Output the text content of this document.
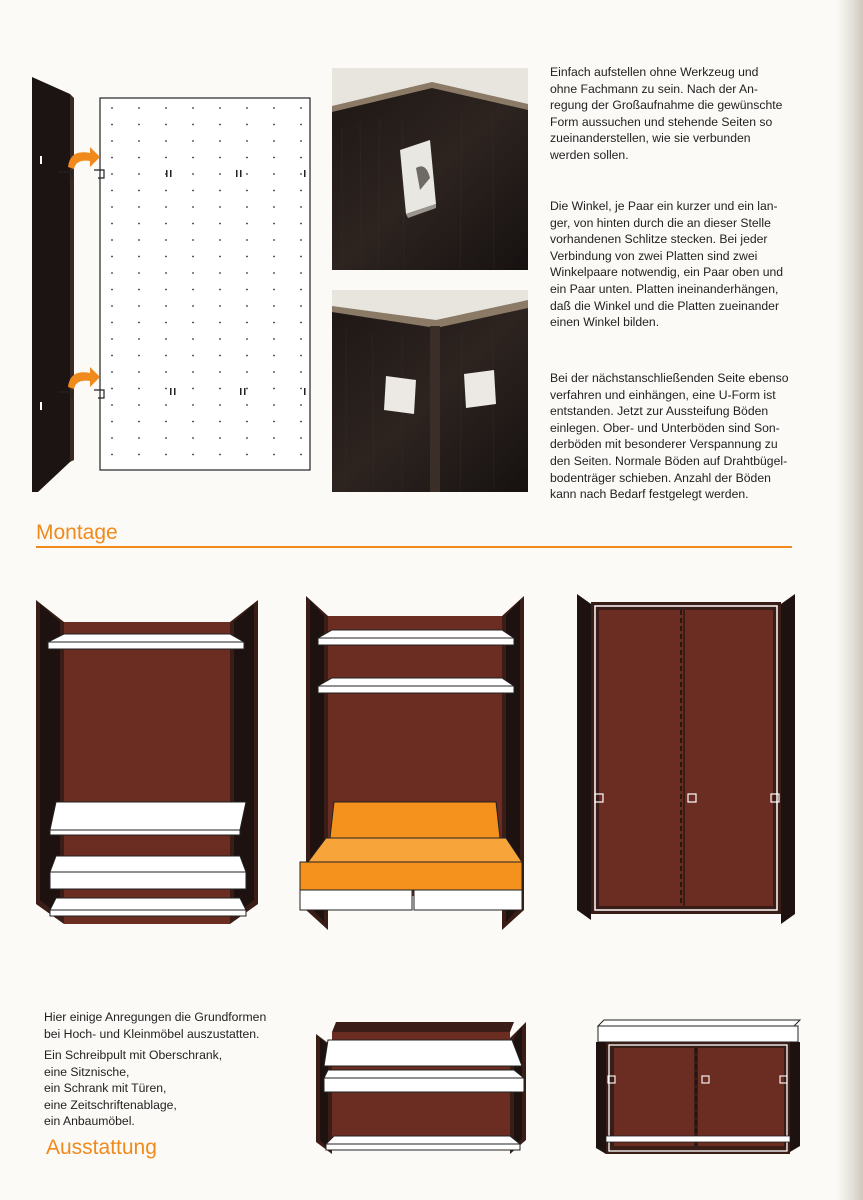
Einfach aufstellen ohne Werkzeug und
ohne Fachmann zu sein. Nach der An-
regung der Großaufnahme die gewünschte
Form aussuchen und stehende Seiten so
zueinanderstellen, wie sie verbunden
werden sollen.
Die Winkel, je Paar ein kurzer und ein lan-
ger, von hinten durch die an dieser Stelle
vorhandenen Schlitze stecken. Bei jeder
Verbindung von zwei Platten sind zwei
Winkelpaare notwendig, ein Paar oben und
ein Paar unten. Platten ineinanderhängen,
daß die Winkel und die Platten zueinander
einen Winkel bilden.
Bei der nächstanschließenden Seite ebenso
verfahren und einhängen, eine U-Form ist
entstanden. Jetzt zur Aussteifung Böden
einlegen. Ober- und Unterböden sind Son-
derböden mit besonderer Verspannung zu
den Seiten. Normale Böden auf Drahtbügel-
bodenträger schieben. Anzahl der Böden
kann nach Bedarf festgelegt werden.
Montage
Hier einige Anregungen die Grundformen
bei Hoch- und Kleinmöbel auszustatten.
Ein Schreibpult mit Oberschrank,
eine Sitznische,
ein Schrank mit Türen,
eine Zeitschriftenablage,
ein Anbaumöbel.
Ausstattung
